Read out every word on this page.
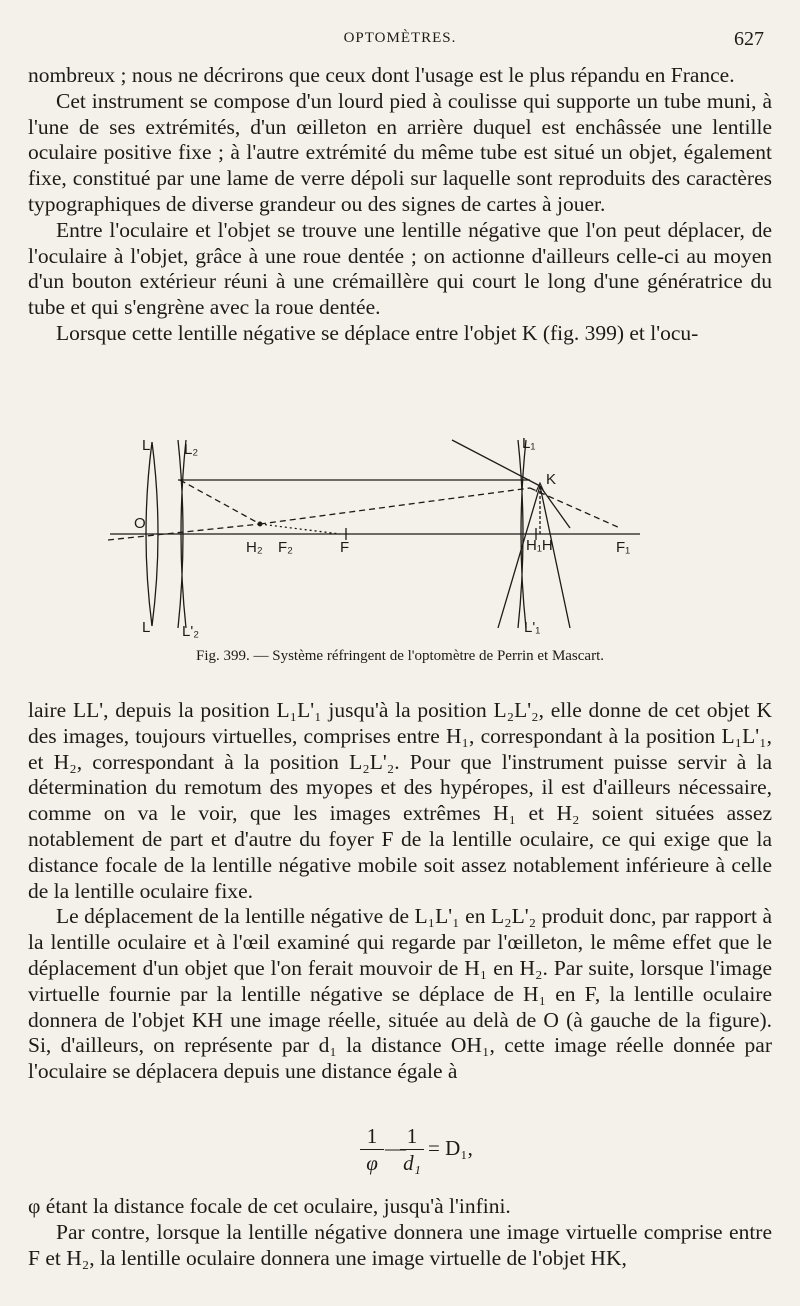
OPTOMÈTRES.	627

nombreux ; nous ne décrirons que ceux dont l'usage est le plus répandu en France.

Cet instrument se compose d'un lourd pied à coulisse qui supporte un tube muni, à l'une de ses extrémités, d'un œilleton en arrière duquel est enchâssée une lentille oculaire positive fixe ; à l'autre extrémité du même tube est situé un objet, également fixe, constitué par une lame de verre dépoli sur laquelle sont reproduits des caractères typographiques de diverse grandeur ou des signes de cartes à jouer.

Entre l'oculaire et l'objet se trouve une lentille négative que l'on peut déplacer, de l'oculaire à l'objet, grâce à une roue dentée ; on actionne d'ailleurs celle-ci au moyen d'un bouton extérieur réuni à une crémaillère qui court le long d'une génératrice du tube et qui s'engrène avec la roue dentée.

Lorsque cette lentille négative se déplace entre l'objet K (fig. 399) et l'ocu-

L L₂	L₁
K
O
H₂ F₂	F	H₁H	F₁
L' L'₂	L'₁
Fig. 399. — Système réfringent de l'optomètre de Perrin et Mascart.

laire LL', depuis la position L₁L'₁ jusqu'à la position L₂L'₂, elle donne de cet objet K des images, toujours virtuelles, comprises entre H₁, correspondant à la position L₁L'₁, et H₂, correspondant à la position L₂L'₂. Pour que l'instrument puisse servir à la détermination du remotum des myopes et des hypéropes, il est d'ailleurs nécessaire, comme on va le voir, que les images extrêmes H₁ et H₂ soient situées assez notablement de part et d'autre du foyer F de la lentille oculaire, ce qui exige que la distance focale de la lentille négative mobile soit assez notablement inférieure à celle de la lentille oculaire fixe.

Le déplacement de la lentille négative de L₁L'₁ en L₂L'₂ produit donc, par rapport à la lentille oculaire et à l'œil examiné qui regarde par l'œilleton, le même effet que le déplacement d'un objet que l'on ferait mouvoir de H₁ en H₂. Par suite, lorsque l'image virtuelle fournie par la lentille négative se déplace de H₁ en F, la lentille oculaire donnera de l'objet KH une image réelle, située au delà de O (à gauche de la figure). Si, d'ailleurs, on représente par d₁ la distance OH₁, cette image réelle donnée par l'oculaire se déplacera depuis une distance égale à

1
φ
— 1
d₁
= D₁,

φ étant la distance focale de cet oculaire, jusqu'à l'infini.

Par contre, lorsque la lentille négative donnera une image virtuelle comprise entre F et H₂, la lentille oculaire donnera une image virtuelle de l'objet HK,
